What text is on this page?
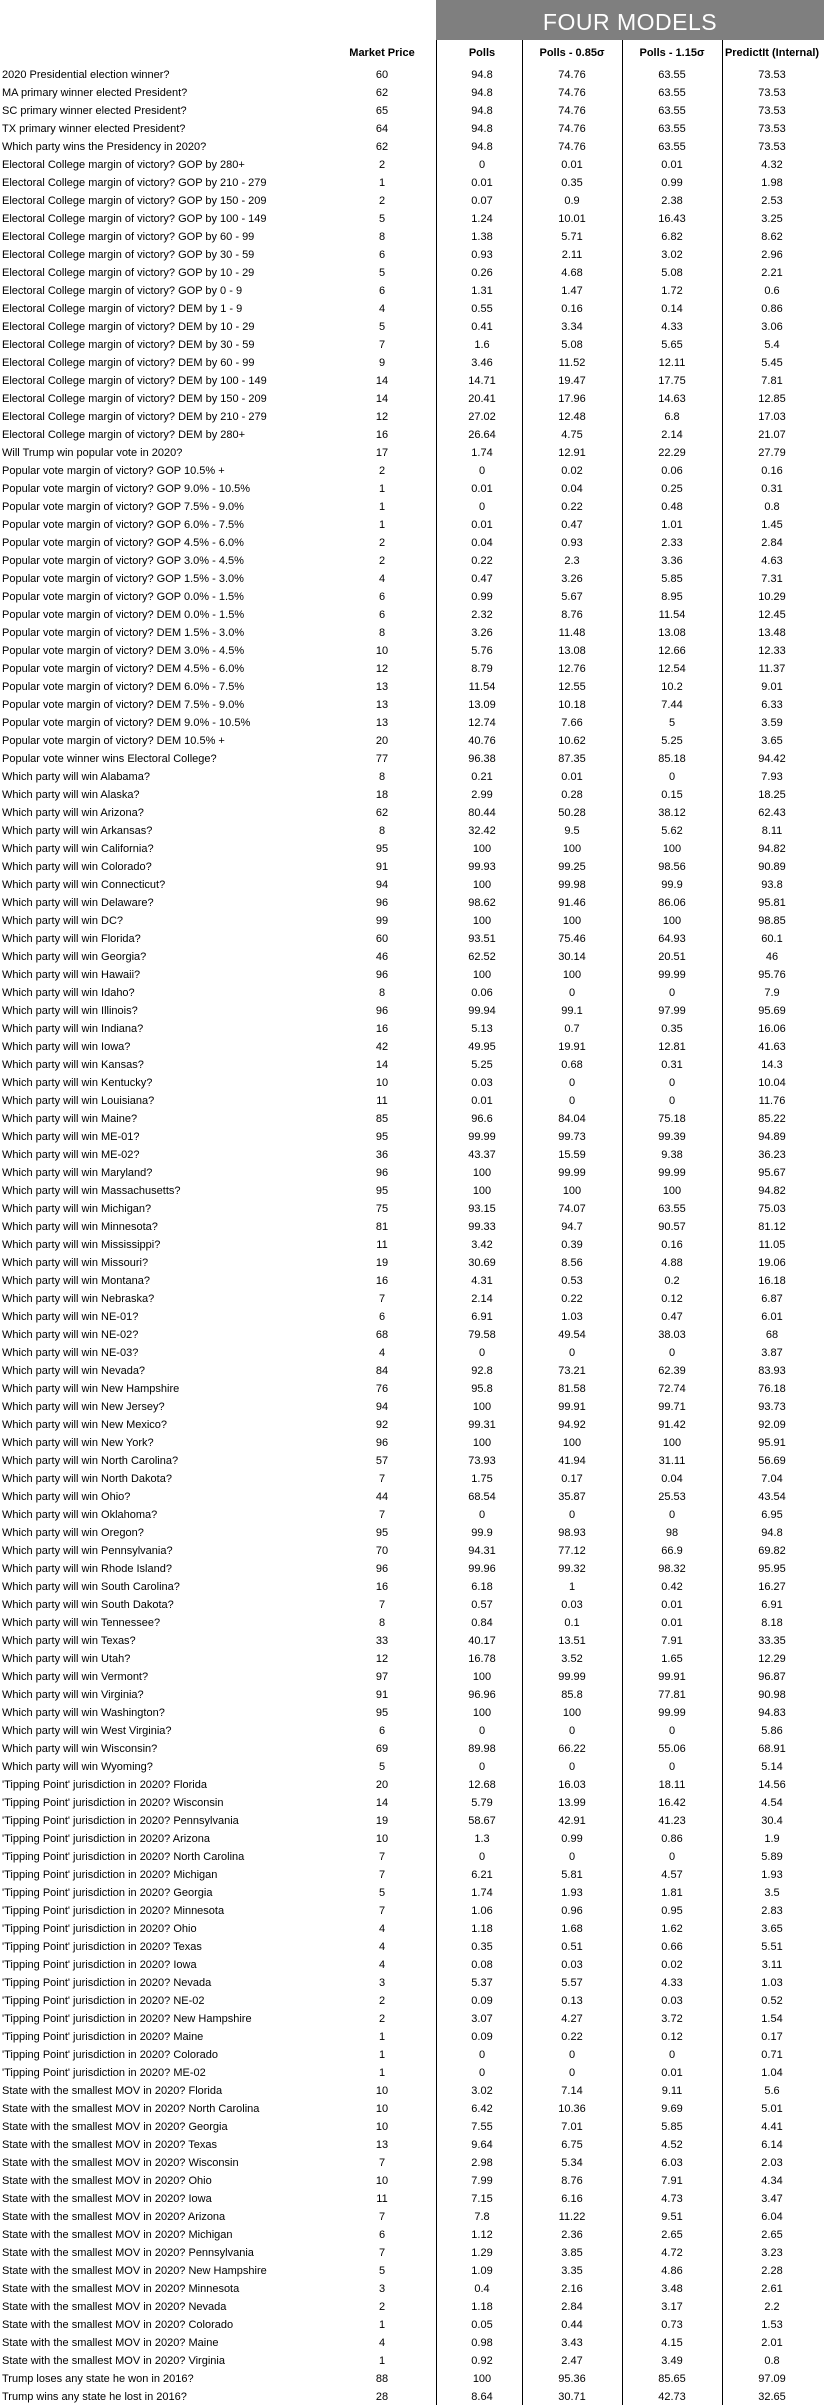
FOUR MODELS
Market Price	Polls	Polls - 0.85σ	Polls - 1.15σ	PredictIt (Internal)
2020 Presidential election winner?	60	94.8	74.76	63.55	73.53
MA primary winner elected President?	62	94.8	74.76	63.55	73.53
SC primary winner elected President?	65	94.8	74.76	63.55	73.53
TX primary winner elected President?	64	94.8	74.76	63.55	73.53
Which party wins the Presidency in 2020?	62	94.8	74.76	63.55	73.53
Electoral College margin of victory? GOP by 280+	2	0	0.01	0.01	4.32
Electoral College margin of victory? GOP by 210 - 279	1	0.01	0.35	0.99	1.98
Electoral College margin of victory? GOP by 150 - 209	2	0.07	0.9	2.38	2.53
Electoral College margin of victory? GOP by 100 - 149	5	1.24	10.01	16.43	3.25
Electoral College margin of victory? GOP by 60 - 99	8	1.38	5.71	6.82	8.62
Electoral College margin of victory? GOP by 30 - 59	6	0.93	2.11	3.02	2.96
Electoral College margin of victory? GOP by 10 - 29	5	0.26	4.68	5.08	2.21
Electoral College margin of victory? GOP by 0 - 9	6	1.31	1.47	1.72	0.6
Electoral College margin of victory? DEM by 1 - 9	4	0.55	0.16	0.14	0.86
Electoral College margin of victory? DEM by 10 - 29	5	0.41	3.34	4.33	3.06
Electoral College margin of victory? DEM by 30 - 59	7	1.6	5.08	5.65	5.4
Electoral College margin of victory? DEM by 60 - 99	9	3.46	11.52	12.11	5.45
Electoral College margin of victory? DEM by 100 - 149	14	14.71	19.47	17.75	7.81
Electoral College margin of victory? DEM by 150 - 209	14	20.41	17.96	14.63	12.85
Electoral College margin of victory? DEM by 210 - 279	12	27.02	12.48	6.8	17.03
Electoral College margin of victory? DEM by 280+	16	26.64	4.75	2.14	21.07
Will Trump win popular vote in 2020?	17	1.74	12.91	22.29	27.79
Popular vote margin of victory? GOP 10.5% +	2	0	0.02	0.06	0.16
Popular vote margin of victory? GOP 9.0% - 10.5%	1	0.01	0.04	0.25	0.31
Popular vote margin of victory? GOP 7.5% - 9.0%	1	0	0.22	0.48	0.8
Popular vote margin of victory? GOP 6.0% - 7.5%	1	0.01	0.47	1.01	1.45
Popular vote margin of victory? GOP 4.5% - 6.0%	2	0.04	0.93	2.33	2.84
Popular vote margin of victory? GOP 3.0% - 4.5%	2	0.22	2.3	3.36	4.63
Popular vote margin of victory? GOP 1.5% - 3.0%	4	0.47	3.26	5.85	7.31
Popular vote margin of victory? GOP 0.0% - 1.5%	6	0.99	5.67	8.95	10.29
Popular vote margin of victory? DEM 0.0% - 1.5%	6	2.32	8.76	11.54	12.45
Popular vote margin of victory? DEM 1.5% - 3.0%	8	3.26	11.48	13.08	13.48
Popular vote margin of victory? DEM 3.0% - 4.5%	10	5.76	13.08	12.66	12.33
Popular vote margin of victory? DEM 4.5% - 6.0%	12	8.79	12.76	12.54	11.37
Popular vote margin of victory? DEM 6.0% - 7.5%	13	11.54	12.55	10.2	9.01
Popular vote margin of victory? DEM 7.5% - 9.0%	13	13.09	10.18	7.44	6.33
Popular vote margin of victory? DEM 9.0% - 10.5%	13	12.74	7.66	5	3.59
Popular vote margin of victory? DEM 10.5% +	20	40.76	10.62	5.25	3.65
Popular vote winner wins Electoral College?	77	96.38	87.35	85.18	94.42
Which party will win Alabama?	8	0.21	0.01	0	7.93
Which party will win Alaska?	18	2.99	0.28	0.15	18.25
Which party will win Arizona?	62	80.44	50.28	38.12	62.43
Which party will win Arkansas?	8	32.42	9.5	5.62	8.11
Which party will win California?	95	100	100	100	94.82
Which party will win Colorado?	91	99.93	99.25	98.56	90.89
Which party will win Connecticut?	94	100	99.98	99.9	93.8
Which party will win Delaware?	96	98.62	91.46	86.06	95.81
Which party will win DC?	99	100	100	100	98.85
Which party will win Florida?	60	93.51	75.46	64.93	60.1
Which party will win Georgia?	46	62.52	30.14	20.51	46
Which party will win Hawaii?	96	100	100	99.99	95.76
Which party will win Idaho?	8	0.06	0	0	7.9
Which party will win Illinois?	96	99.94	99.1	97.99	95.69
Which party will win Indiana?	16	5.13	0.7	0.35	16.06
Which party will win Iowa?	42	49.95	19.91	12.81	41.63
Which party will win Kansas?	14	5.25	0.68	0.31	14.3
Which party will win Kentucky?	10	0.03	0	0	10.04
Which party will win Louisiana?	11	0.01	0	0	11.76
Which party will win Maine?	85	96.6	84.04	75.18	85.22
Which party will win ME-01?	95	99.99	99.73	99.39	94.89
Which party will win ME-02?	36	43.37	15.59	9.38	36.23
Which party will win Maryland?	96	100	99.99	99.99	95.67
Which party will win Massachusetts?	95	100	100	100	94.82
Which party will win Michigan?	75	93.15	74.07	63.55	75.03
Which party will win Minnesota?	81	99.33	94.7	90.57	81.12
Which party will win Mississippi?	11	3.42	0.39	0.16	11.05
Which party will win Missouri?	19	30.69	8.56	4.88	19.06
Which party will win Montana?	16	4.31	0.53	0.2	16.18
Which party will win Nebraska?	7	2.14	0.22	0.12	6.87
Which party will win NE-01?	6	6.91	1.03	0.47	6.01
Which party will win NE-02?	68	79.58	49.54	38.03	68
Which party will win NE-03?	4	0	0	0	3.87
Which party will win Nevada?	84	92.8	73.21	62.39	83.93
Which party will win New Hampshire	76	95.8	81.58	72.74	76.18
Which party will win New Jersey?	94	100	99.91	99.71	93.73
Which party will win New Mexico?	92	99.31	94.92	91.42	92.09
Which party will win New York?	96	100	100	100	95.91
Which party will win North Carolina?	57	73.93	41.94	31.11	56.69
Which party will win North Dakota?	7	1.75	0.17	0.04	7.04
Which party will win Ohio?	44	68.54	35.87	25.53	43.54
Which party will win Oklahoma?	7	0	0	0	6.95
Which party will win Oregon?	95	99.9	98.93	98	94.8
Which party will win Pennsylvania?	70	94.31	77.12	66.9	69.82
Which party will win Rhode Island?	96	99.96	99.32	98.32	95.95
Which party will win South Carolina?	16	6.18	1	0.42	16.27
Which party will win South Dakota?	7	0.57	0.03	0.01	6.91
Which party will win Tennessee?	8	0.84	0.1	0.01	8.18
Which party will win Texas?	33	40.17	13.51	7.91	33.35
Which party will win Utah?	12	16.78	3.52	1.65	12.29
Which party will win Vermont?	97	100	99.99	99.91	96.87
Which party will win Virginia?	91	96.96	85.8	77.81	90.98
Which party will win Washington?	95	100	100	99.99	94.83
Which party will win West Virginia?	6	0	0	0	5.86
Which party will win Wisconsin?	69	89.98	66.22	55.06	68.91
Which party will win Wyoming?	5	0	0	0	5.14
'Tipping Point' jurisdiction in 2020? Florida	20	12.68	16.03	18.11	14.56
'Tipping Point' jurisdiction in 2020? Wisconsin	14	5.79	13.99	16.42	4.54
'Tipping Point' jurisdiction in 2020? Pennsylvania	19	58.67	42.91	41.23	30.4
'Tipping Point' jurisdiction in 2020? Arizona	10	1.3	0.99	0.86	1.9
'Tipping Point' jurisdiction in 2020? North Carolina	7	0	0	0	5.89
'Tipping Point' jurisdiction in 2020? Michigan	7	6.21	5.81	4.57	1.93
'Tipping Point' jurisdiction in 2020? Georgia	5	1.74	1.93	1.81	3.5
'Tipping Point' jurisdiction in 2020? Minnesota	7	1.06	0.96	0.95	2.83
'Tipping Point' jurisdiction in 2020? Ohio	4	1.18	1.68	1.62	3.65
'Tipping Point' jurisdiction in 2020? Texas	4	0.35	0.51	0.66	5.51
'Tipping Point' jurisdiction in 2020? Iowa	4	0.08	0.03	0.02	3.11
'Tipping Point' jurisdiction in 2020? Nevada	3	5.37	5.57	4.33	1.03
'Tipping Point' jurisdiction in 2020? NE-02	2	0.09	0.13	0.03	0.52
'Tipping Point' jurisdiction in 2020? New Hampshire	2	3.07	4.27	3.72	1.54
'Tipping Point' jurisdiction in 2020? Maine	1	0.09	0.22	0.12	0.17
'Tipping Point' jurisdiction in 2020? Colorado	1	0	0	0	0.71
'Tipping Point' jurisdiction in 2020? ME-02	1	0	0	0.01	1.04
State with the smallest MOV in 2020? Florida	10	3.02	7.14	9.11	5.6
State with the smallest MOV in 2020? North Carolina	10	6.42	10.36	9.69	5.01
State with the smallest MOV in 2020? Georgia	10	7.55	7.01	5.85	4.41
State with the smallest MOV in 2020? Texas	13	9.64	6.75	4.52	6.14
State with the smallest MOV in 2020? Wisconsin	7	2.98	5.34	6.03	2.03
State with the smallest MOV in 2020? Ohio	10	7.99	8.76	7.91	4.34
State with the smallest MOV in 2020? Iowa	11	7.15	6.16	4.73	3.47
State with the smallest MOV in 2020? Arizona	7	7.8	11.22	9.51	6.04
State with the smallest MOV in 2020? Michigan	6	1.12	2.36	2.65	2.65
State with the smallest MOV in 2020? Pennsylvania	7	1.29	3.85	4.72	3.23
State with the smallest MOV in 2020? New Hampshire	5	1.09	3.35	4.86	2.28
State with the smallest MOV in 2020? Minnesota	3	0.4	2.16	3.48	2.61
State with the smallest MOV in 2020? Nevada	2	1.18	2.84	3.17	2.2
State with the smallest MOV in 2020? Colorado	1	0.05	0.44	0.73	1.53
State with the smallest MOV in 2020? Maine	4	0.98	3.43	4.15	2.01
State with the smallest MOV in 2020? Virginia	1	0.92	2.47	3.49	0.8
Trump loses any state he won in 2016?	88	100	95.36	85.65	97.09
Trump wins any state he lost in 2016?	28	8.64	30.71	42.73	32.65
